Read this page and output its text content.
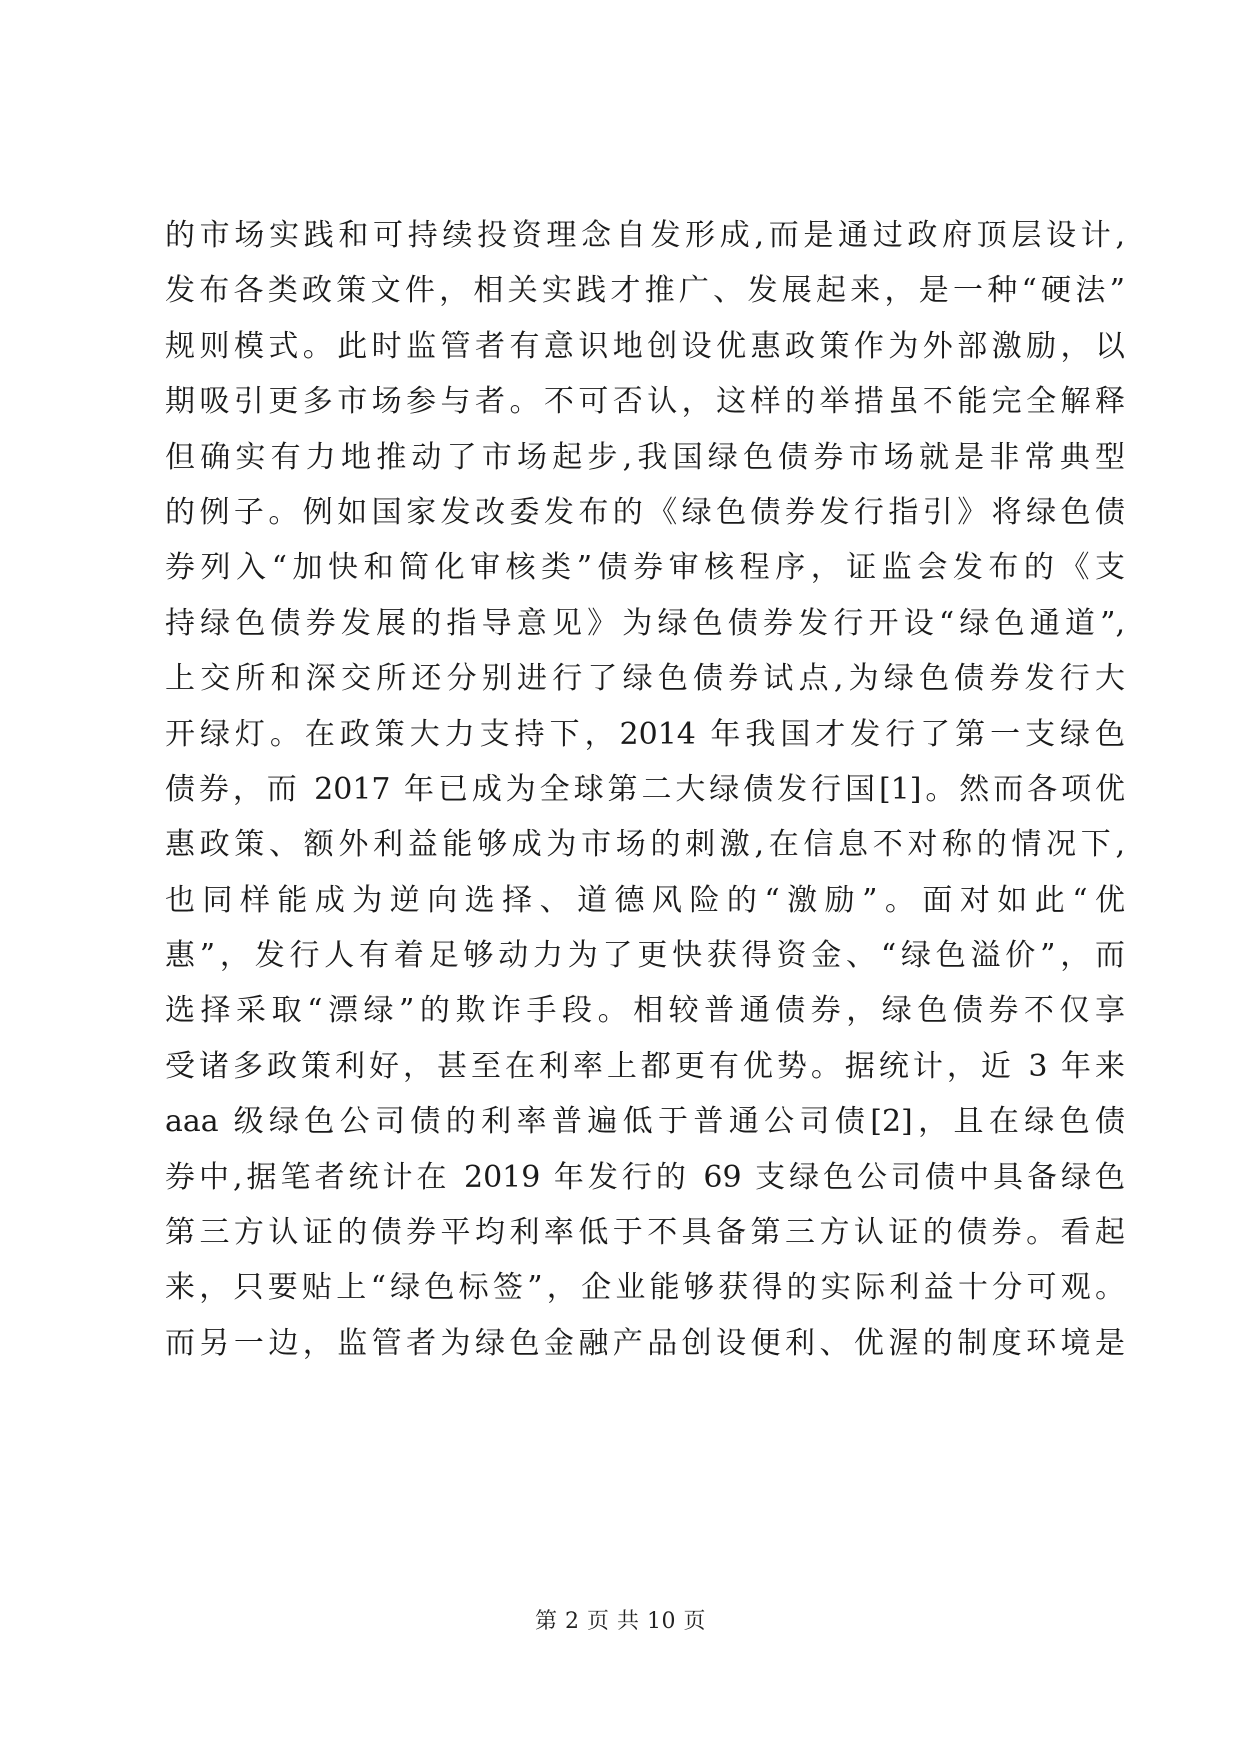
的市场实践和可持续投资理念自发形成,而是通过政府顶层设计,
发布各类政策文件，相关实践才推广、发展起来，是一种“硬法”
规则模式。此时监管者有意识地创设优惠政策作为外部激励，以
期吸引更多市场参与者。不可否认，这样的举措虽不能完全解释
但确实有力地推动了市场起步,我国绿色债券市场就是非常典型
的例子。例如国家发改委发布的《绿色债券发行指引》将绿色债
券列入“加快和简化审核类”债券审核程序，证监会发布的《支
持绿色债券发展的指导意见》为绿色债券发行开设“绿色通道”,
上交所和深交所还分别进行了绿色债券试点,为绿色债券发行大
开绿灯。在政策大力支持下，2014 年我国才发行了第一支绿色
债券，而 2017 年已成为全球第二大绿债发行国[1]。然而各项优
惠政策、额外利益能够成为市场的刺激,在信息不对称的情况下,
也同样能成为逆向选择、道德风险的“激励”。面对如此“优
惠”，发行人有着足够动力为了更快获得资金、“绿色溢价”，而
选择采取“漂绿”的欺诈手段。相较普通债券，绿色债券不仅享
受诸多政策利好，甚至在利率上都更有优势。据统计，近 3 年来
aaa 级绿色公司债的利率普遍低于普通公司债[2]，且在绿色债
券中,据笔者统计在 2019 年发行的 69 支绿色公司债中具备绿色
第三方认证的债券平均利率低于不具备第三方认证的债券。看起
来，只要贴上“绿色标签”，企业能够获得的实际利益十分可观。
而另一边，监管者为绿色金融产品创设便利、优渥的制度环境是
第 2 页 共 10 页
